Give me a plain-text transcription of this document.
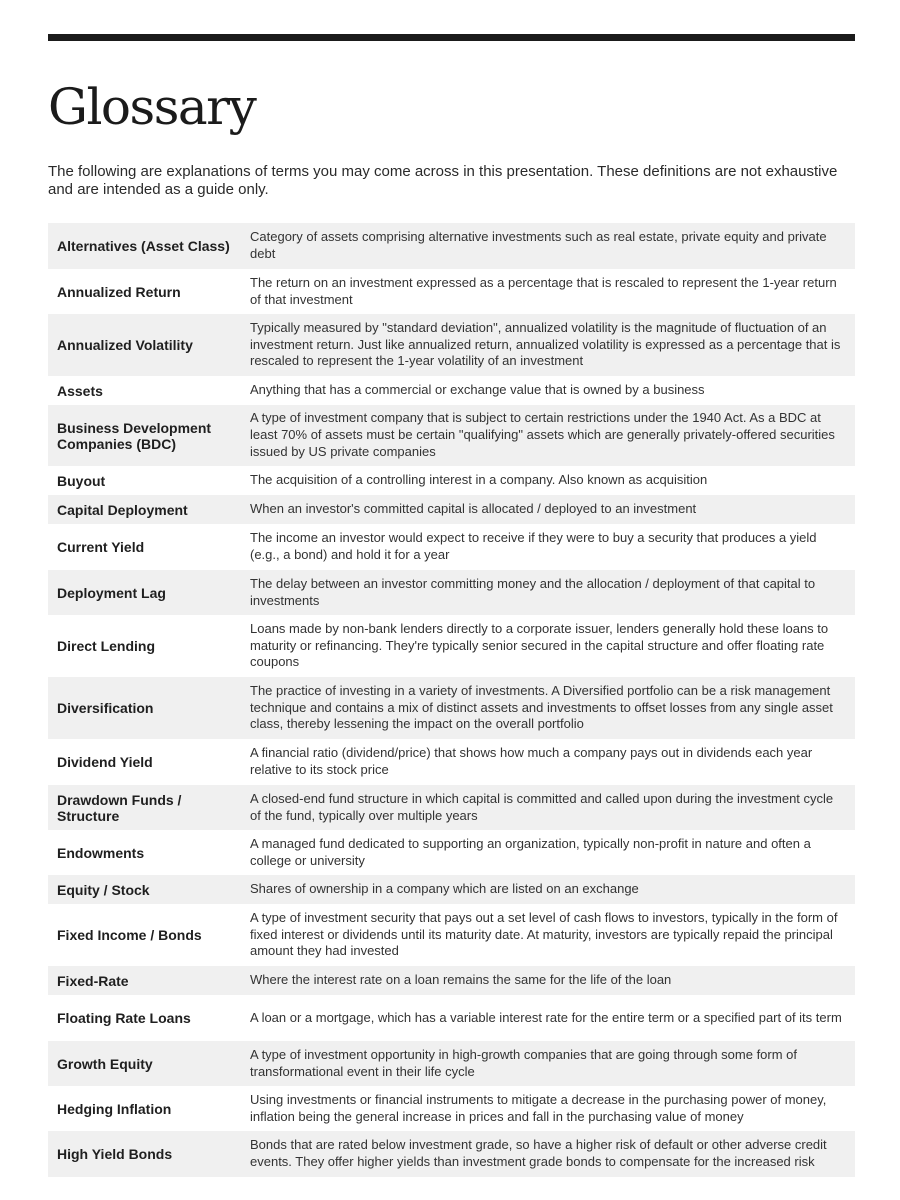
Glossary

The following are explanations of terms you may come across in this presentation. These definitions are not exhaustive and are intended as a guide only.

Alternatives (Asset Class)	Category of assets comprising alternative investments such as real estate, private equity and private debt
Annualized Return	The return on an investment expressed as a percentage that is rescaled to represent the 1-year return of that investment
Annualized Volatility	Typically measured by "standard deviation", annualized volatility is the magnitude of fluctuation of an investment return. Just like annualized return, annualized volatility is expressed as a percentage that is rescaled to represent the 1-year volatility of an investment
Assets	Anything that has a commercial or exchange value that is owned by a business
Business Development Companies (BDC)	A type of investment company that is subject to certain restrictions under the 1940 Act. As a BDC at least 70% of assets must be certain "qualifying" assets which are generally privately-offered securities issued by US private companies
Buyout	The acquisition of a controlling interest in a company. Also known as acquisition
Capital Deployment	When an investor's committed capital is allocated / deployed to an investment
Current Yield	The income an investor would expect to receive if they were to buy a security that produces a yield (e.g., a bond) and hold it for a year
Deployment Lag	The delay between an investor committing money and the allocation / deployment of that capital to investments
Direct Lending	Loans made by non-bank lenders directly to a corporate issuer, lenders generally hold these loans to maturity or refinancing. They're typically senior secured in the capital structure and offer floating rate coupons
Diversification	The practice of investing in a variety of investments. A Diversified portfolio can be a risk management technique and contains a mix of distinct assets and investments to offset losses from any single asset class, thereby lessening the impact on the overall portfolio
Dividend Yield	A financial ratio (dividend/price) that shows how much a company pays out in dividends each year relative to its stock price
Drawdown Funds / Structure	A closed-end fund structure in which capital is committed and called upon during the investment cycle of the fund, typically over multiple years
Endowments	A managed fund dedicated to supporting an organization, typically non-profit in nature and often a college or university
Equity / Stock	Shares of ownership in a company which are listed on an exchange
Fixed Income / Bonds	A type of investment security that pays out a set level of cash flows to investors, typically in the form of fixed interest or dividends until its maturity date. At maturity, investors are typically repaid the principal amount they had invested
Fixed-Rate	Where the interest rate on a loan remains the same for the life of the loan
Floating Rate Loans	A loan or a mortgage, which has a variable interest rate for the entire term or a specified part of its term
Growth Equity	A type of investment opportunity in high-growth companies that are going through some form of transformational event in their life cycle
Hedging Inflation	Using investments or financial instruments to mitigate a decrease in the purchasing power of money, inflation being the general increase in prices and fall in the purchasing value of money
High Yield Bonds	Bonds that are rated below investment grade, so have a higher risk of default or other adverse credit events. They offer higher yields than investment grade bonds to compensate for the increased risk
